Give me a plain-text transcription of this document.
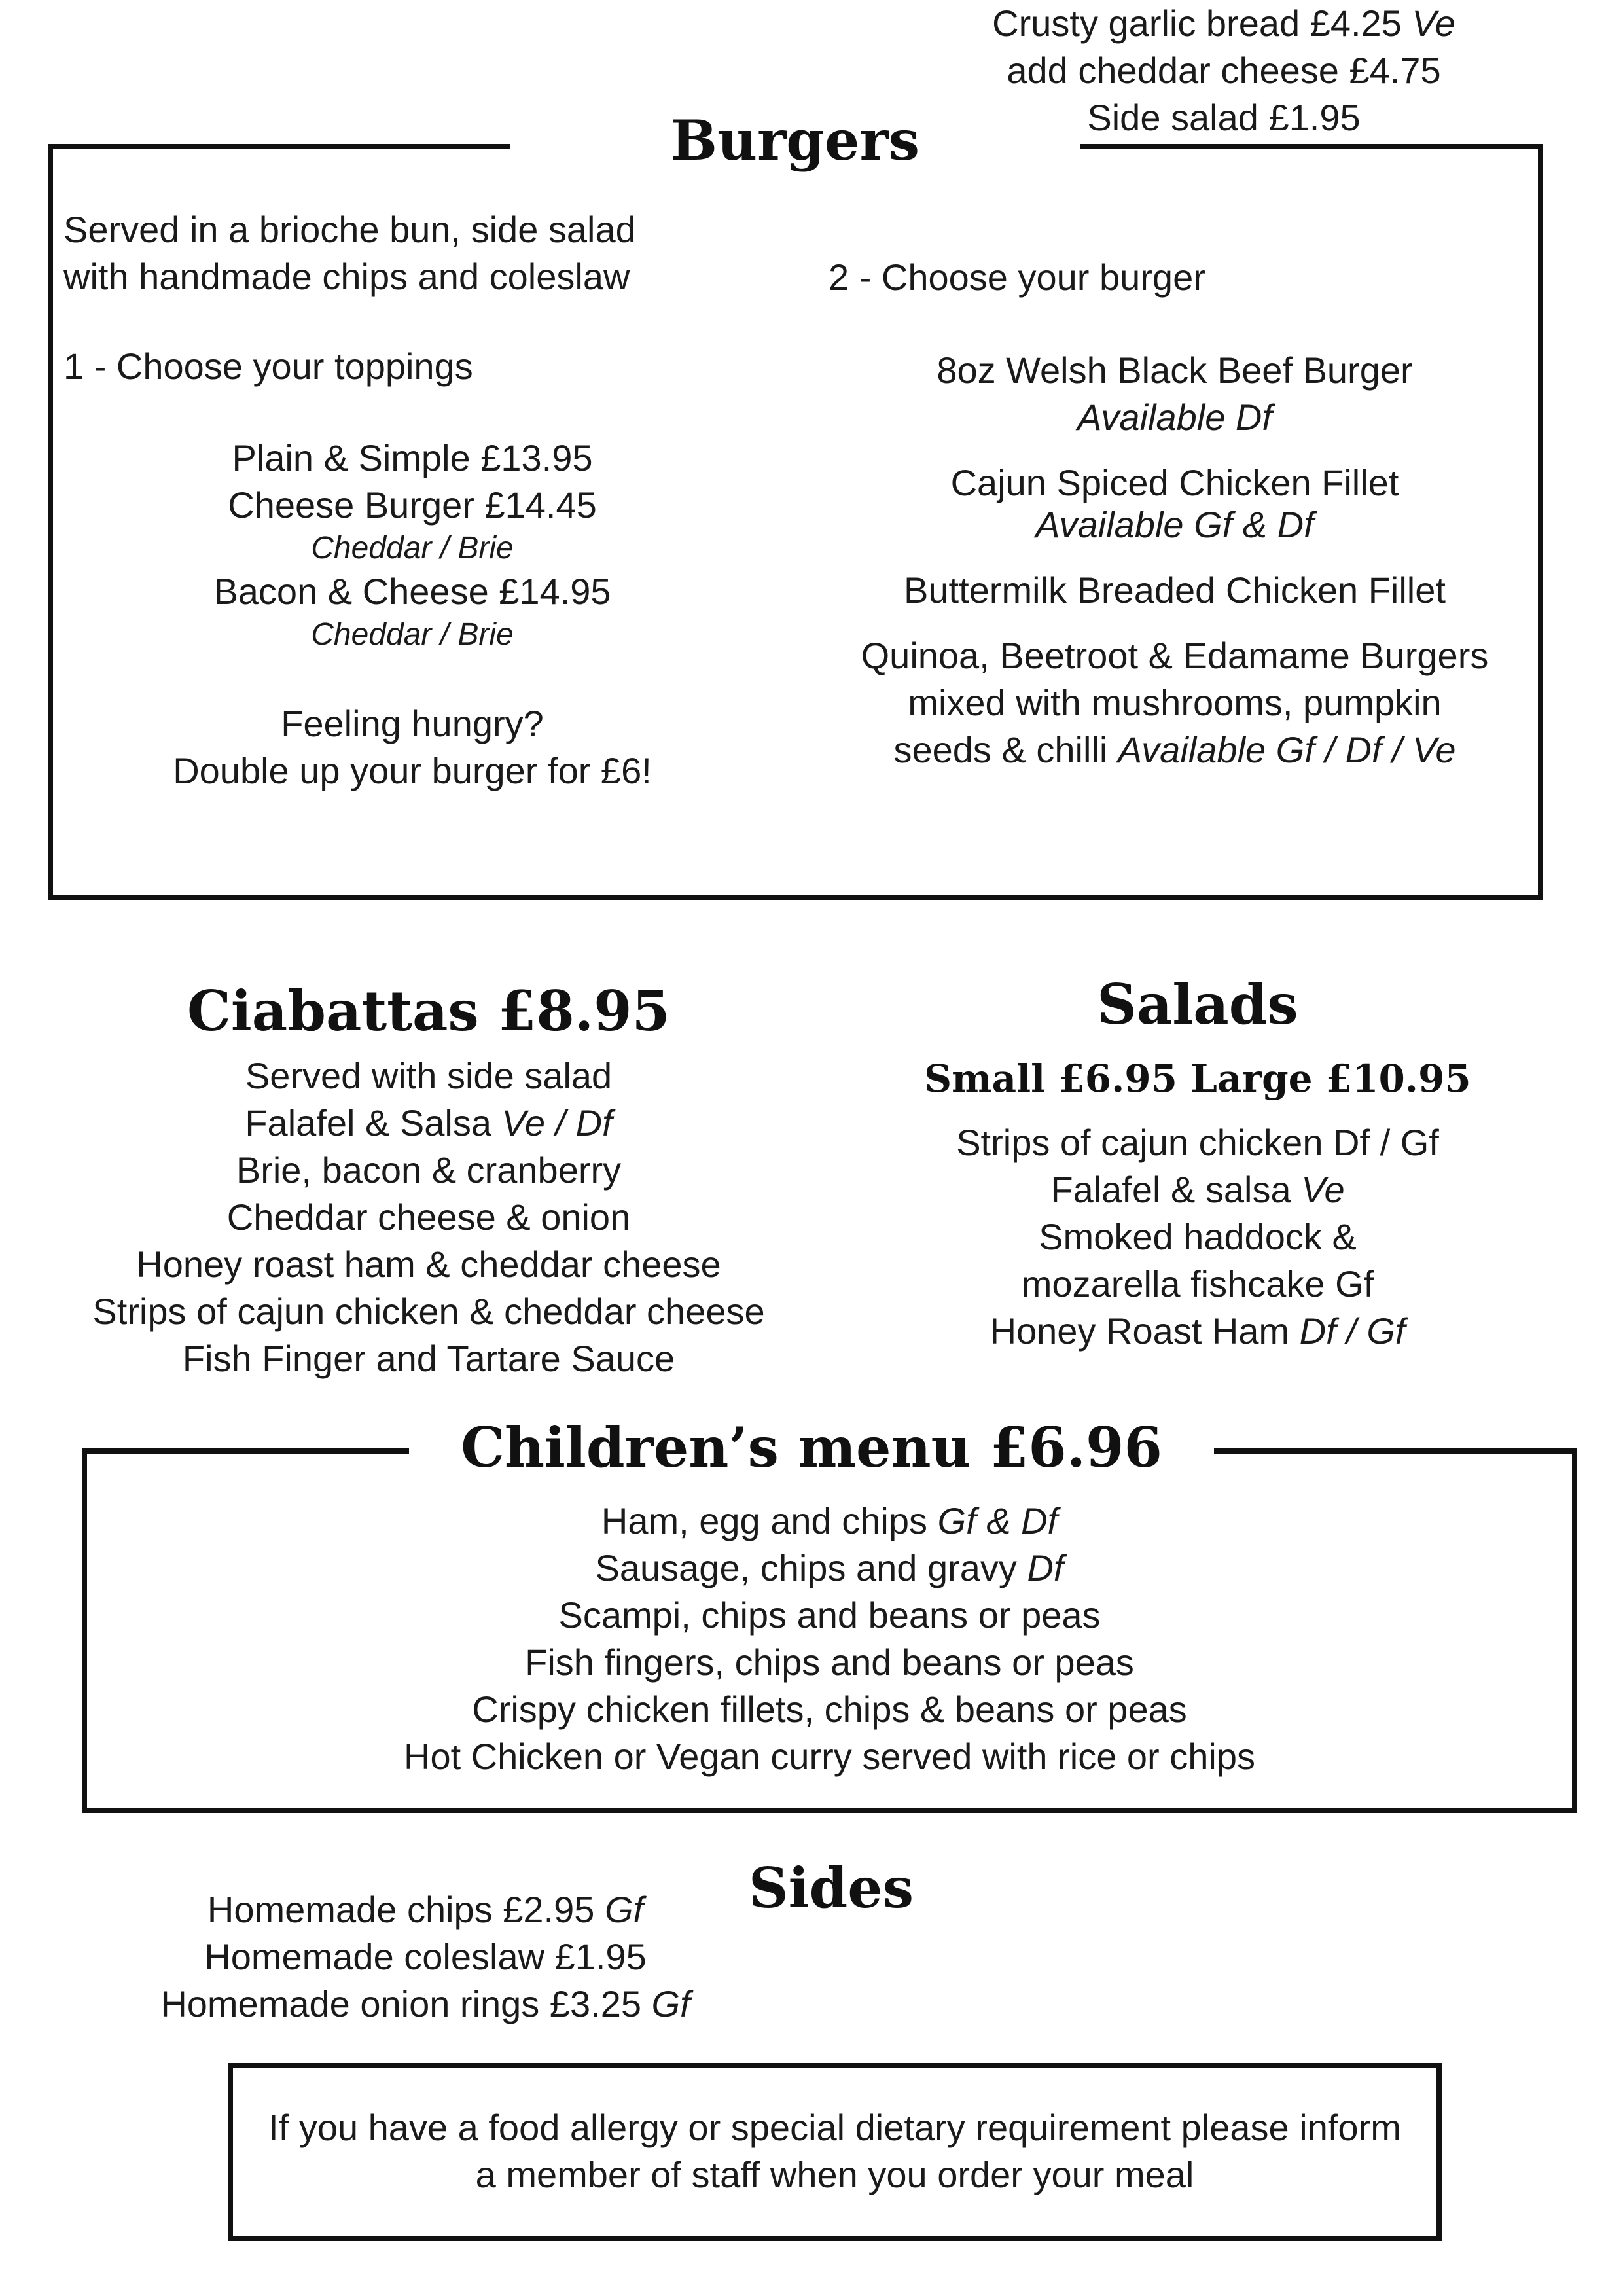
Burgers
Served in a brioche bun, side salad
with handmade chips and coleslaw
1 - Choose your toppings
Plain & Simple £13.95
Cheese Burger £14.45
Cheddar / Brie
Bacon & Cheese £14.95
Cheddar / Brie
Feeling hungry?
Double up your burger for £6!
2 - Choose your burger
8oz Welsh Black Beef Burger
Available Df
Cajun Spiced Chicken Fillet
Available Gf & Df
Buttermilk Breaded Chicken Fillet
Quinoa, Beetroot & Edamame Burgers
mixed with mushrooms, pumpkin
seeds & chilli Available Gf / Df / Ve
Ciabattas £8.95
Served with side salad
Falafel & Salsa Ve / Df
Brie, bacon & cranberry
Cheddar cheese & onion
Honey roast ham & cheddar cheese
Strips of cajun chicken & cheddar cheese
Fish Finger and Tartare Sauce
Salads
Small £6.95 Large £10.95
Strips of cajun chicken Df / Gf
Falafel & salsa Ve
Smoked haddock &
mozarella fishcake Gf
Honey Roast Ham Df / Gf
Children’s menu £6.96
Ham, egg and chips Gf & Df
Sausage, chips and gravy Df
Scampi, chips and beans or peas
Fish fingers, chips and beans or peas
Crispy chicken fillets, chips & beans or peas
Hot Chicken or Vegan curry served with rice or chips
Sides
Homemade chips £2.95 Gf
Homemade coleslaw £1.95
Homemade onion rings £3.25 Gf
Crusty garlic bread £4.25 Ve
add cheddar cheese £4.75
Side salad £1.95
If you have a food allergy or special dietary requirement please inform
a member of staff when you order your meal
